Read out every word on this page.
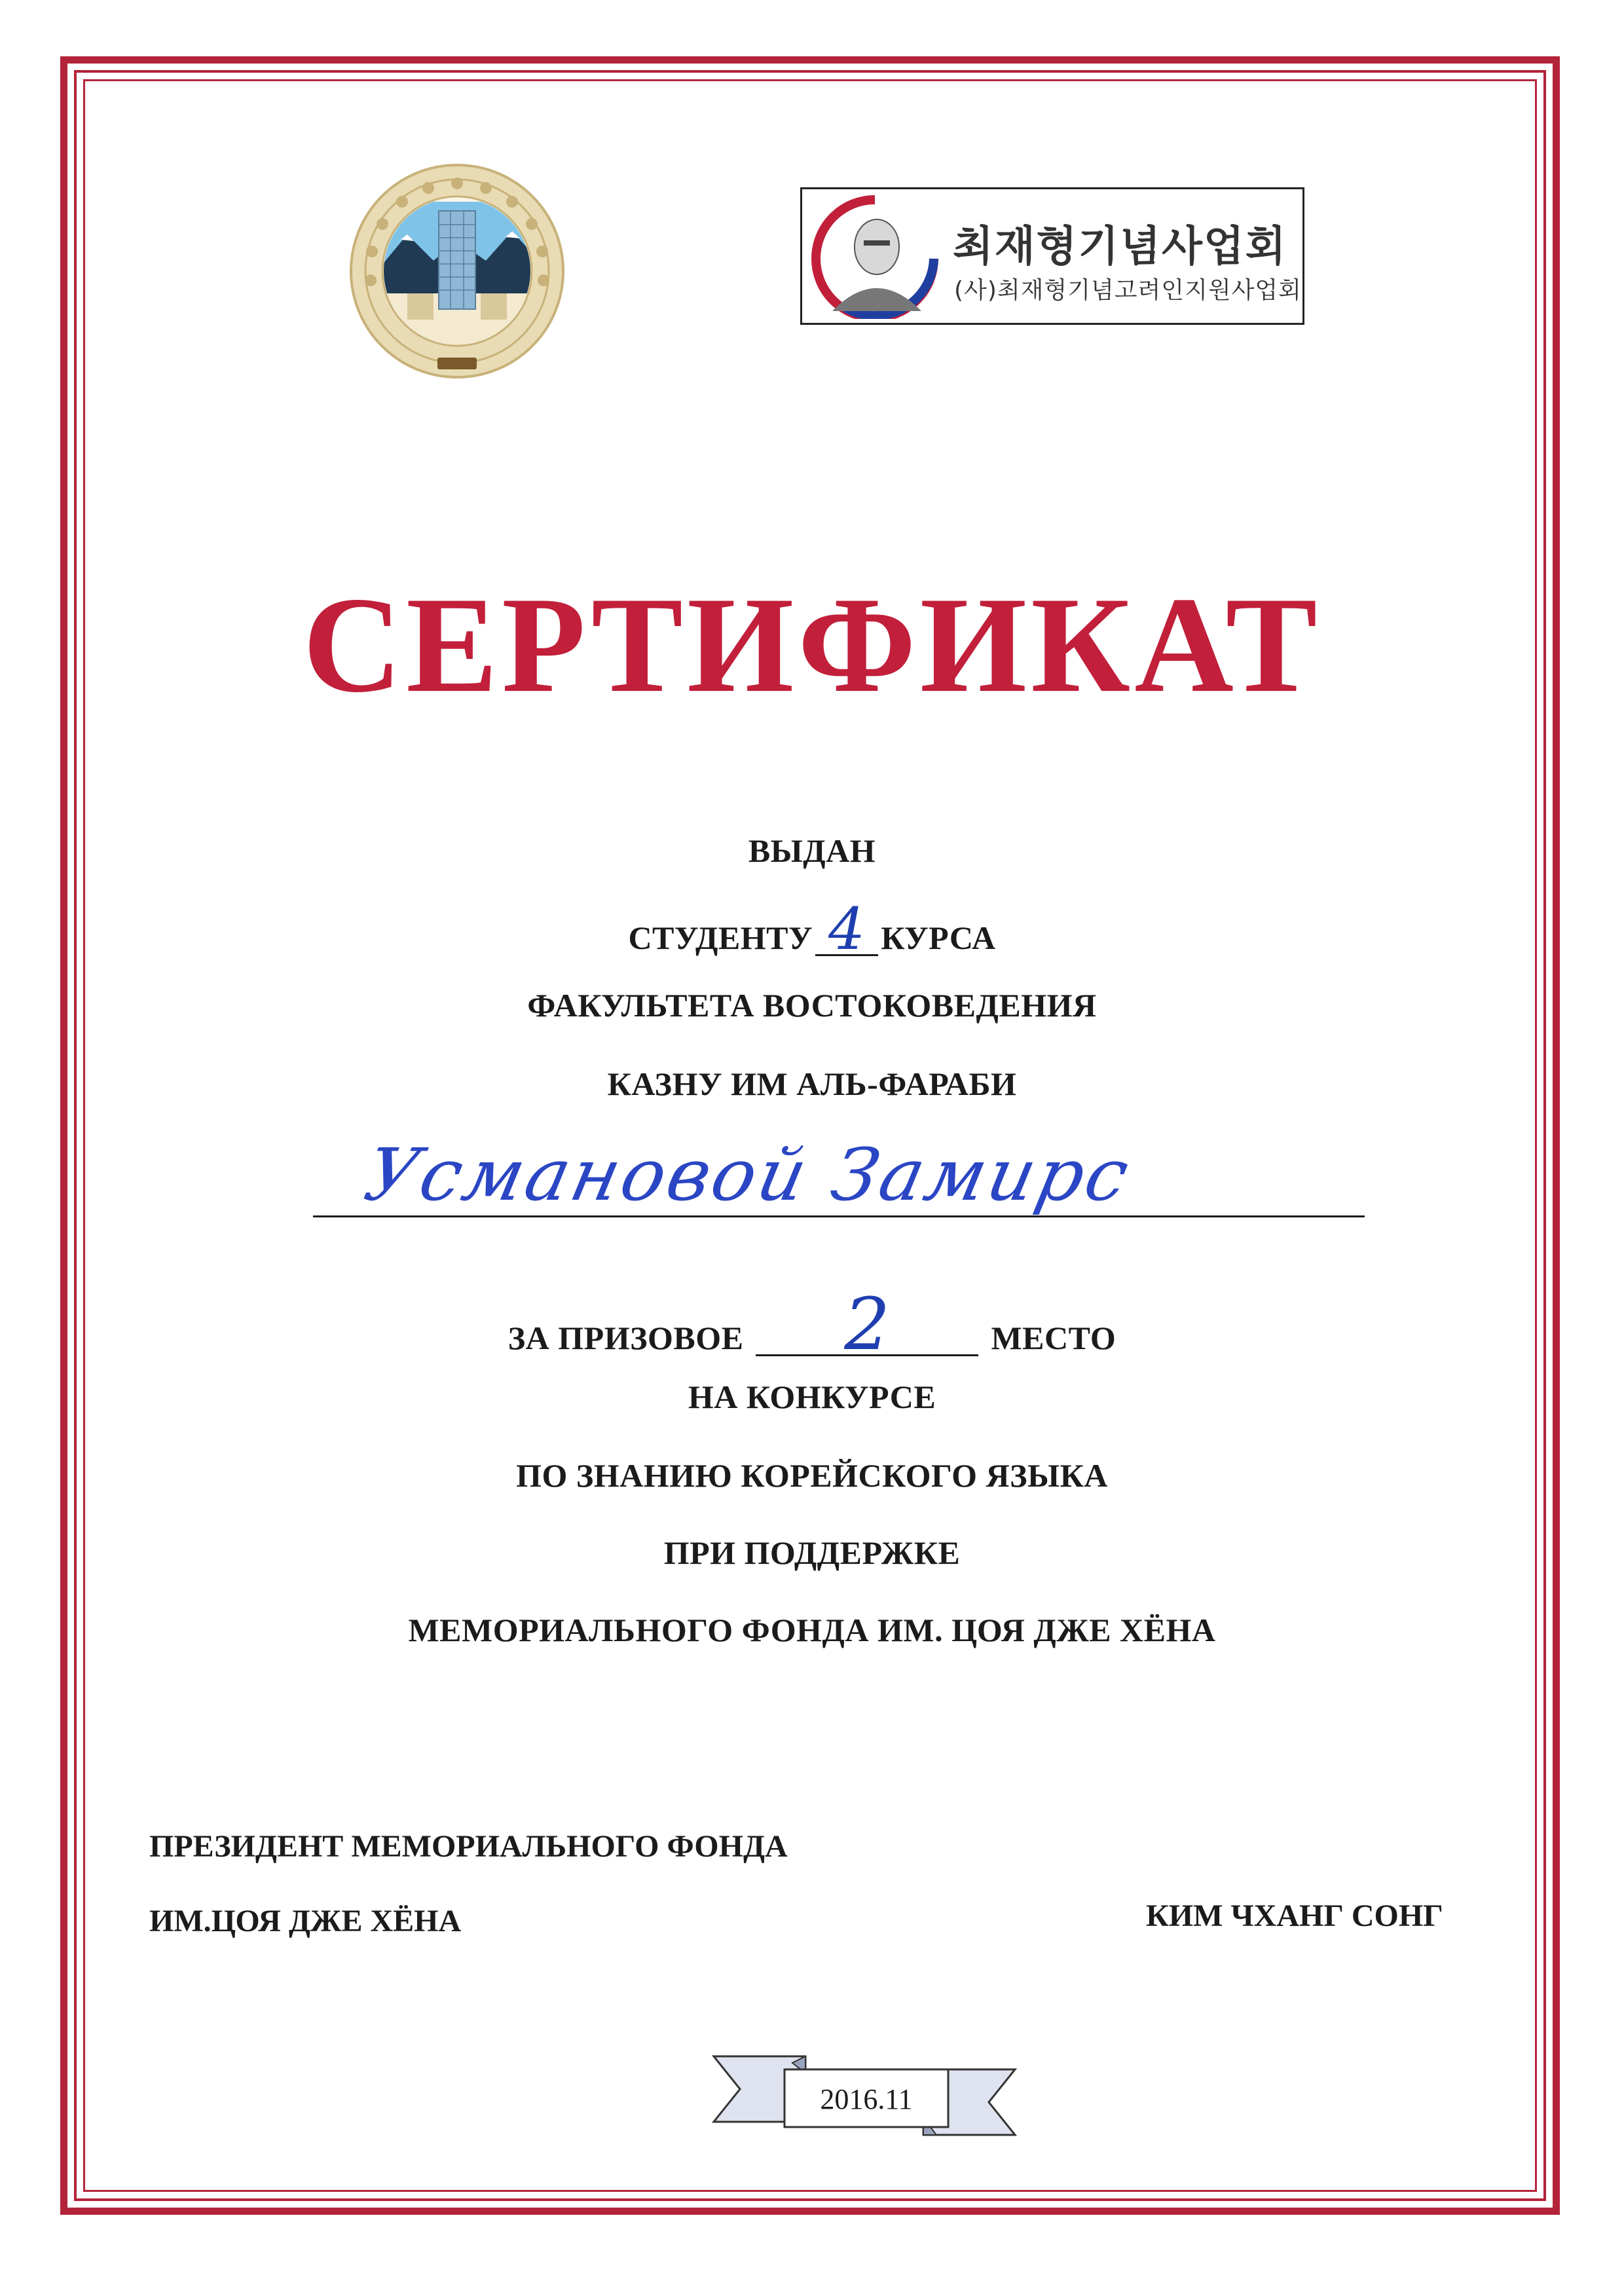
최재형기념사업회
(사)최재형기념고려인지원사업회
СЕРТИФИКАТ
ВЫДАН
СТУДЕНТУ 4 КУРСА
ФАКУЛЬТЕТА ВОСТОКОВЕДЕНИЯ
КАЗНУ ИМ АЛЬ-ФАРАБИ
Усмановой Замирс
ЗА ПРИЗОВОЕ 2	МЕСТО
НА КОНКУРСЕ
ПО ЗНАНИЮ КОРЕЙСКОГО ЯЗЫКА
ПРИ ПОДДЕРЖКЕ
МЕМОРИАЛЬНОГО ФОНДА ИМ. ЦОЯ ДЖЕ ХЁНА
ПРЕЗИДЕНТ МЕМОРИАЛЬНОГО ФОНДА
ИМ.ЦОЯ ДЖЕ ХЁНА	КИМ ЧХАНГ СОНГ
2016.11
